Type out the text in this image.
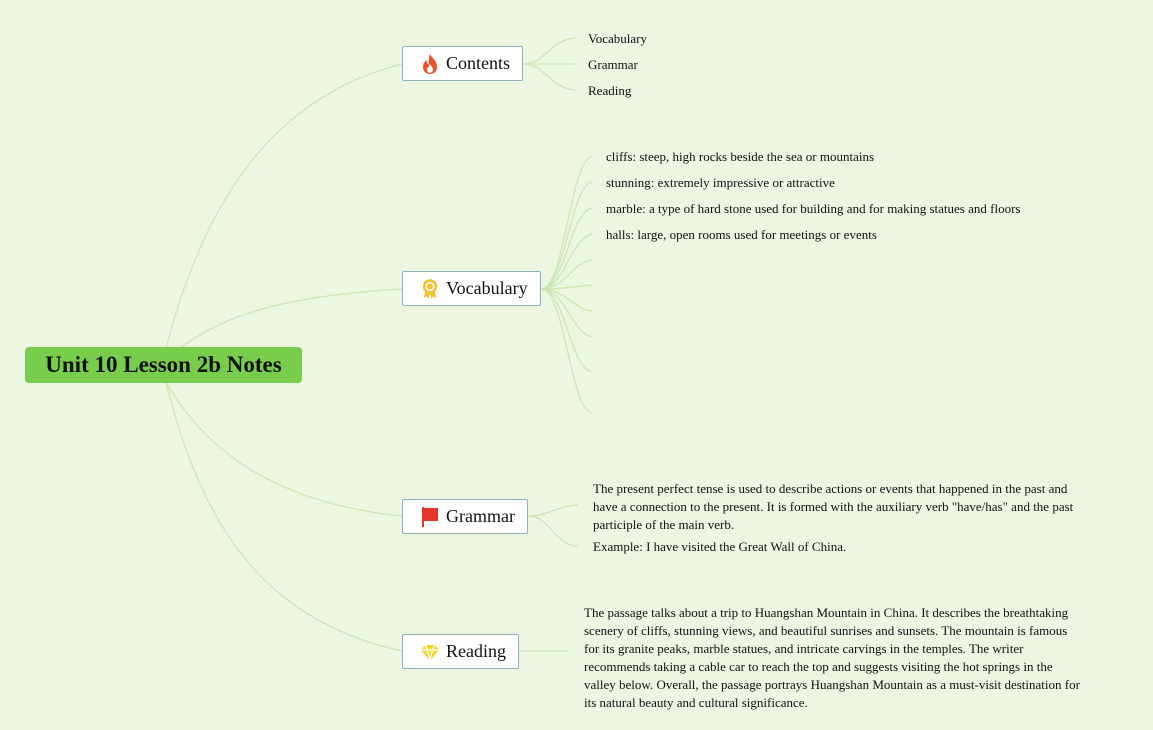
Unit 10 Lesson 2b Notes
Contents
Vocabulary
Grammar
Reading
Vocabulary
cliffs: steep, high rocks beside the sea or mountains
stunning: extremely impressive or attractive
marble: a type of hard stone used for building and for making statues and floors
halls: large, open rooms used for meetings or events
Grammar
The present perfect tense is used to describe actions or events that happened in the past and have a connection to the present. It is formed with the auxiliary verb "have/has" and the past participle of the main verb.
Example: I have visited the Great Wall of China.
Reading
The passage talks about a trip to Huangshan Mountain in China. It describes the breathtaking scenery of cliffs, stunning views, and beautiful sunrises and sunsets. The mountain is famous for its granite peaks, marble statues, and intricate carvings in the temples. The writer recommends taking a cable car to reach the top and suggests visiting the hot springs in the valley below. Overall, the passage portrays Huangshan Mountain as a must-visit destination for its natural beauty and cultural significance.
